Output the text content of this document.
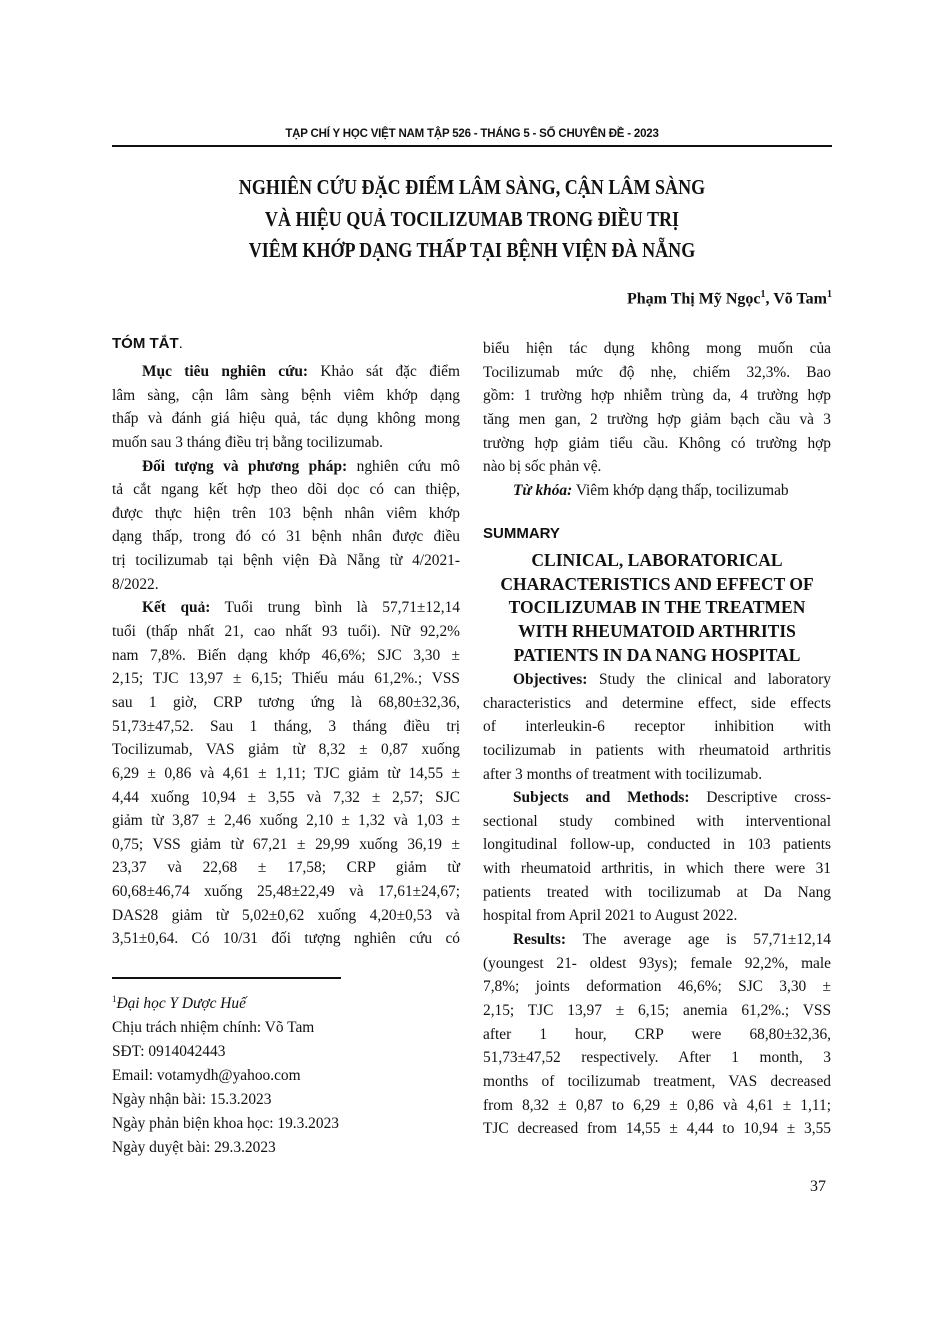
TẠP CHÍ Y HỌC VIỆT NAM TẬP 526 - THÁNG 5 - SỐ CHUYÊN ĐỀ - 2023
NGHIÊN CỨU ĐẶC ĐIỂM LÂM SÀNG, CẬN LÂM SÀNG
VÀ HIỆU QUẢ TOCILIZUMAB TRONG ĐIỀU TRỊ
VIÊM KHỚP DẠNG THẤP TẠI BỆNH VIỆN ĐÀ NẴNG
Phạm Thị Mỹ Ngọc$^1$, Võ Tam$^1$
TÓM TẮT.
Mục tiêu nghiên cứu: Khảo sát đặc điểm
lâm sàng, cận lâm sàng bệnh viêm khớp dạng
thấp và đánh giá hiệu quả, tác dụng không mong
muốn sau 3 tháng điều trị bằng tocilizumab.
Đối tượng và phương pháp: nghiên cứu mô
tả cắt ngang kết hợp theo dõi dọc có can thiệp,
được thực hiện trên 103 bệnh nhân viêm khớp
dạng thấp, trong đó có 31 bệnh nhân được điều
trị tocilizumab tại bệnh viện Đà Nẵng từ 4/2021-
8/2022.
Kết quả: Tuổi trung bình là 57,71±12,14
tuổi (thấp nhất 21, cao nhất 93 tuổi). Nữ 92,2%
nam 7,8%. Biến dạng khớp 46,6%; SJC 3,30 ±
2,15; TJC 13,97 ± 6,15; Thiếu máu 61,2%.; VSS
sau 1 giờ, CRP tương ứng là 68,80±32,36,
51,73±47,52. Sau 1 tháng, 3 tháng điều trị
Tocilizumab, VAS giảm từ 8,32 ± 0,87 xuống
6,29 ± 0,86 và 4,61 ± 1,11; TJC giảm từ 14,55 ±
4,44 xuống 10,94 ± 3,55 và 7,32 ± 2,57; SJC
giảm từ 3,87 ± 2,46 xuống 2,10 ± 1,32 và 1,03 ±
0,75; VSS giảm từ 67,21 ± 29,99 xuống 36,19 ±
23,37 và 22,68 ± 17,58; CRP giảm từ
60,68±46,74 xuống 25,48±22,49 và 17,61±24,67;
DAS28 giảm từ 5,02±0,62 xuống 4,20±0,53 và
3,51±0,64. Có 10/31 đối tượng nghiên cứu có
biểu hiện tác dụng không mong muốn của
Tocilizumab mức độ nhẹ, chiếm 32,3%. Bao
gồm: 1 trường hợp nhiễm trùng da, 4 trường hợp
tăng men gan, 2 trường hợp giảm bạch cầu và 3
trường hợp giảm tiểu cầu. Không có trường hợp
nào bị sốc phản vệ.
Từ khóa: Viêm khớp dạng thấp, tocilizumab
SUMMARY
CLINICAL, LABORATORICAL
CHARACTERISTICS AND EFFECT OF
TOCILIZUMAB IN THE TREATMEN
WITH RHEUMATOID ARTHRITIS
PATIENTS IN DA NANG HOSPITAL
Objectives: Study the clinical and laboratory
characteristics and determine effect, side effects
of interleukin-6 receptor inhibition with
tocilizumab in patients with rheumatoid arthritis
after 3 months of treatment with tocilizumab.
Subjects and Methods: Descriptive cross-
sectional study combined with interventional
longitudinal follow-up, conducted in 103 patients
with rheumatoid arthritis, in which there were 31
patients treated with tocilizumab at Da Nang
hospital from April 2021 to August 2022.
Results: The average age is 57,71±12,14
(youngest 21- oldest 93ys); female 92,2%, male
7,8%; joints deformation 46,6%; SJC 3,30 ±
2,15; TJC 13,97 ± 6,15; anemia 61,2%.; VSS
after 1 hour, CRP were 68,80±32,36,
51,73±47,52 respectively. After 1 month, 3
months of tocilizumab treatment, VAS decreased
from 8,32 ± 0,87 to 6,29 ± 0,86 và 4,61 ± 1,11;
TJC decreased from 14,55 ± 4,44 to 10,94 ± 3,55
$^1$Đại học Y Dược Huế
Chịu trách nhiệm chính: Võ Tam
SĐT: 0914042443
Email: votamydh@yahoo.com
Ngày nhận bài: 15.3.2023
Ngày phản biện khoa học: 19.3.2023
Ngày duyệt bài: 29.3.2023
37
